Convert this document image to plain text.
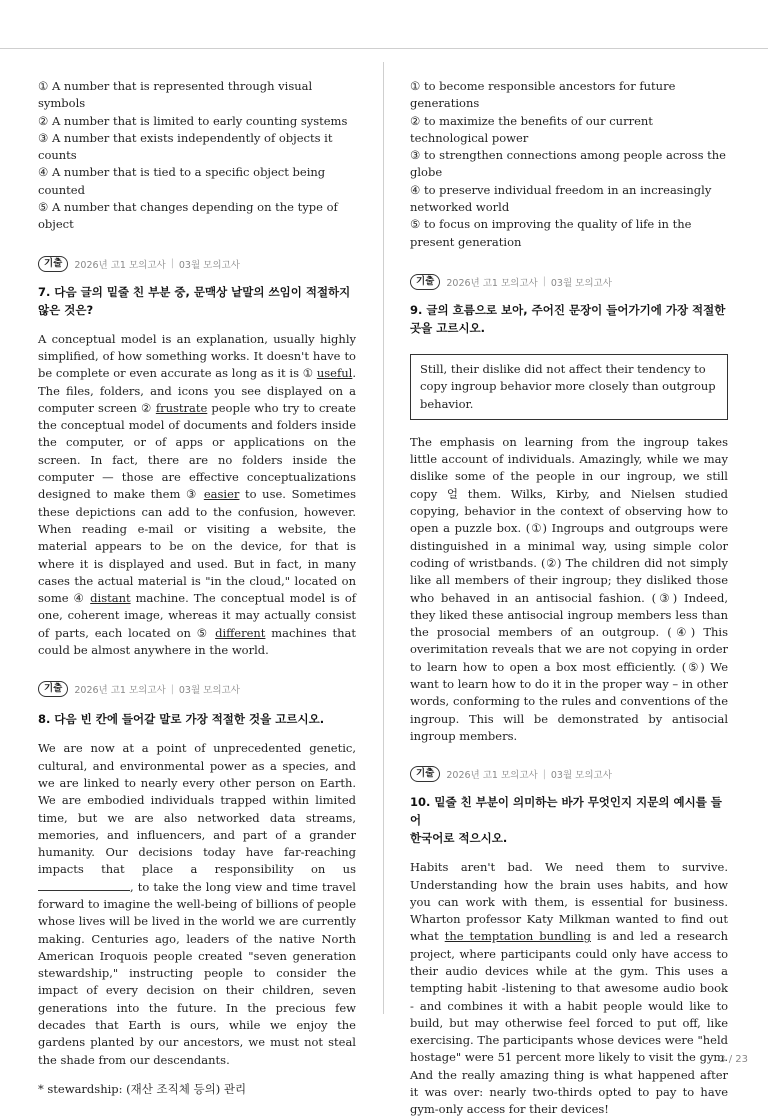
① A number that is represented through visual symbols
② A number that is limited to early counting systems
③ A number that exists independently of objects it counts
④ A number that is tied to a specific object being counted
⑤ A number that changes depending on the type of object
기출	2026년 고1 모의고사 | 03월 모의고사
7. 다음 글의 밑줄 친 부분 중, 문맥상 낱말의 쓰임이 적절하지
않은 것은?
A conceptual model is an explanation, usually highly simplified, of how something works. It doesn't have to be complete or even accurate as long as it is ① useful. The files, folders, and icons you see displayed on a computer screen ② frustrate people who try to create the conceptual model of documents and folders inside the computer, or of apps or applications on the screen. In fact, there are no folders inside the computer — those are effective conceptualizations designed to make them ③ easier to use. Sometimes these depictions can add to the confusion, however. When reading e-mail or visiting a website, the material appears to be on the device, for that is where it is displayed and used. But in fact, in many cases the actual material is "in the cloud," located on some ④ distant machine. The conceptual model is of one, coherent image, whereas it may actually consist of parts, each located on ⑤ different machines that could be almost anywhere in the world.
기출	2026년 고1 모의고사 | 03월 모의고사
8. 다음 빈 칸에 들어갈 말로 가장 적절한 것을 고르시오.
We are now at a point of unprecedented genetic, cultural, and environmental power as a species, and we are linked to nearly every other person on Earth. We are embodied individuals trapped within limited time, but we are also networked data streams, memories, and influencers, and part of a grander humanity. Our decisions today have far-reaching impacts that place a responsibility on us , to take the long view and time travel forward to imagine the well-being of billions of people whose lives will be lived in the world we are currently making. Centuries ago, leaders of the native North American Iroquois people created "seven generation stewardship," instructing people to consider the impact of every decision on their children, seven generations into the future. In the precious few decades that Earth is ours, while we enjoy the gardens planted by our ancestors, we must not steal the shade from our descendants.
* stewardship: (재산 조직체 등의) 관리
① to become responsible ancestors for future generations
② to maximize the benefits of our current technological power
③ to strengthen connections among people across the globe
④ to preserve individual freedom in an increasingly networked world
⑤ to focus on improving the quality of life in the present generation
기출	2026년 고1 모의고사 | 03월 모의고사
9. 글의 흐름으로 보아, 주어진 문장이 들어가기에 가장 적절한
곳을 고르시오.
Still, their dislike did not affect their tendency to copy ingroup behavior more closely than outgroup behavior.
The emphasis on learning from the ingroup takes little account of individuals. Amazingly, while we may dislike some of the people in our ingroup, we still copy 얼 them. Wilks, Kirby, and Nielsen studied copying, behavior in the context of observing how to open a puzzle box. (①) Ingroups and outgroups were distinguished in a minimal way, using simple color coding of wristbands. (②) The children did not simply like all members of their ingroup; they disliked those who behaved in an antisocial fashion. (③) Indeed, they liked these antisocial ingroup members less than the prosocial members of an outgroup. (④) This overimitation reveals that we are not copying in order to learn how to open a box most efficiently. (⑤) We want to learn how to do it in the proper way – in other words, conforming to the rules and conventions of the ingroup. This will be demonstrated by antisocial ingroup members.
기출	2026년 고1 모의고사 | 03월 모의고사
10. 밑줄 친 부분이 의미하는 바가 무엇인지 지문의 예시를 들어
한국어로 적으시오.
Habits aren't bad. We need them to survive. Understanding how the brain uses habits, and how you can work with them, is essential for business. Wharton professor Katy Milkman wanted to find out what the temptation bundling is and led a research project, where participants could only have access to their audio devices while at the gym. This uses a tempting habit -listening to that awesome audio book - and combines it with a habit people would like to build, but may otherwise feel forced to put off, like exercising. The participants whose devices were "held hostage" were 51 percent more likely to visit the gym. And the really amazing thing is what happened after it was over: nearly two-thirds opted to pay to have gym-only access for their devices!
3 / 23
